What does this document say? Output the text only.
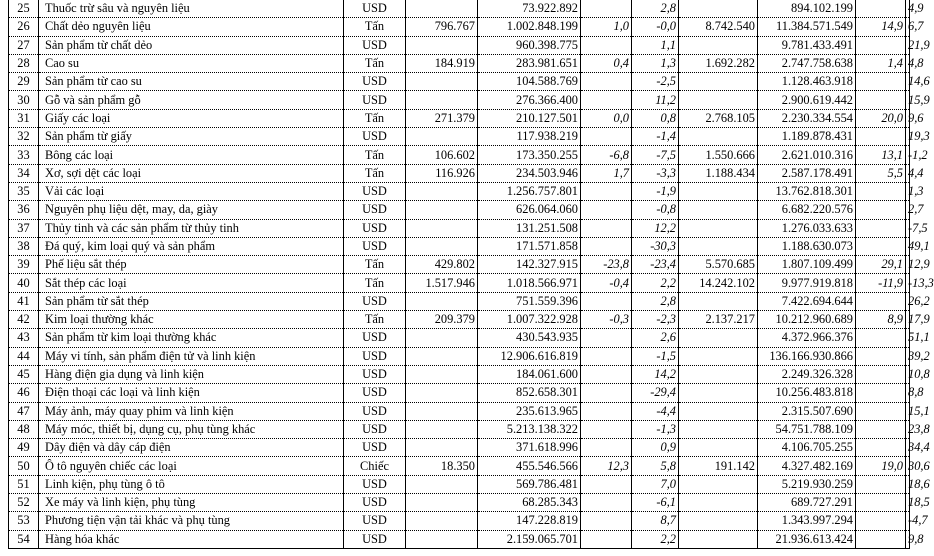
25	Thuốc trừ sâu và nguyên liệu	USD		73.922.892		2,8		894.102.199		4,9
26	Chất dẻo nguyên liệu	Tấn	796.767	1.002.848.199	1,0	-0,0	8.742.540	11.384.571.549	14,9	6,7
27	Sản phẩm từ chất dẻo	USD		960.398.775		1,1		9.781.433.491		21,9
28	Cao su	Tấn	184.919	283.981.651	0,4	1,3	1.692.282	2.747.758.638	1,4	4,8
29	Sản phẩm từ cao su	USD		104.588.769		-2,5		1.128.463.918		14,6
30	Gỗ và sản phẩm gỗ	USD		276.366.400		11,2		2.900.619.442		15,9
31	Giấy các loại	Tấn	271.379	210.127.501	0,0	0,8	2.768.105	2.230.334.554	20,0	9,6
32	Sản phẩm từ giấy	USD		117.938.219		-1,4		1.189.878.431		19,3
33	Bông các loại	Tấn	106.602	173.350.255	-6,8	-7,5	1.550.666	2.621.010.316	13,1	-1,2
34	Xơ, sợi dệt các loại	Tấn	116.926	234.503.946	1,7	-3,3	1.188.434	2.587.178.491	5,5	4,4
35	Vải các loại	USD		1.256.757.801		-1,9		13.762.818.301		1,3
36	Nguyên phụ liệu dệt, may, da, giày	USD		626.064.060		-0,8		6.682.220.576		2,7
37	Thủy tinh và các sản phẩm từ thủy tinh	USD		131.251.508		12,2		1.276.033.633		-7,5
38	Đá quý, kim loại quý và sản phẩm	USD		171.571.858		-30,3		1.188.630.073		49,1
39	Phế liệu sắt thép	Tấn	429.802	142.327.915	-23,8	-23,4	5.570.685	1.807.109.499	29,1	12,9
40	Sắt thép các loại	Tấn	1.517.946	1.018.566.971	-0,4	2,2	14.242.102	9.977.919.818	-11,9	-13,3
41	Sản phẩm từ sắt thép	USD		751.559.396		2,8		7.422.694.644		26,2
42	Kim loại thường khác	Tấn	209.379	1.007.322.928	-0,3	-2,3	2.137.217	10.212.960.689	8,9	17,9
43	Sản phẩm từ kim loại thường khác	USD		430.543.935		2,6		4.372.966.376		51,1
44	Máy vi tính, sản phẩm điện tử và linh kiện	USD		12.906.616.819		-1,5		136.166.930.866		39,2
45	Hàng điện gia dụng và linh kiện	USD		184.061.600		14,2		2.249.326.328		10,8
46	Điện thoại các loại và linh kiện	USD		852.658.301		-29,4		10.256.483.818		8,8
47	Máy ảnh, máy quay phim và linh kiện	USD		235.613.965		-4,4		2.315.507.690		15,1
48	Máy móc, thiết bị, dụng cụ, phụ tùng khác	USD		5.213.138.322		-1,3		54.751.788.109		23,8
49	Dây điện và dây cáp điện	USD		371.618.996		0,9		4.106.705.255		34,4
50	Ô tô nguyên chiếc các loại	Chiếc	18.350	455.546.566	12,3	5,8	191.142	4.327.482.169	19,0	30,6
51	Linh kiện, phụ tùng ô tô	USD		569.786.481		7,0		5.219.930.259		18,6
52	Xe máy và linh kiện, phụ tùng	USD		68.285.343		-6,1		689.727.291		18,5
53	Phương tiện vận tải khác và phụ tùng	USD		147.228.819		8,7		1.343.997.294		-4,7
54	Hàng hóa khác	USD		2.159.065.701		2,2		21.936.613.424		9,8
